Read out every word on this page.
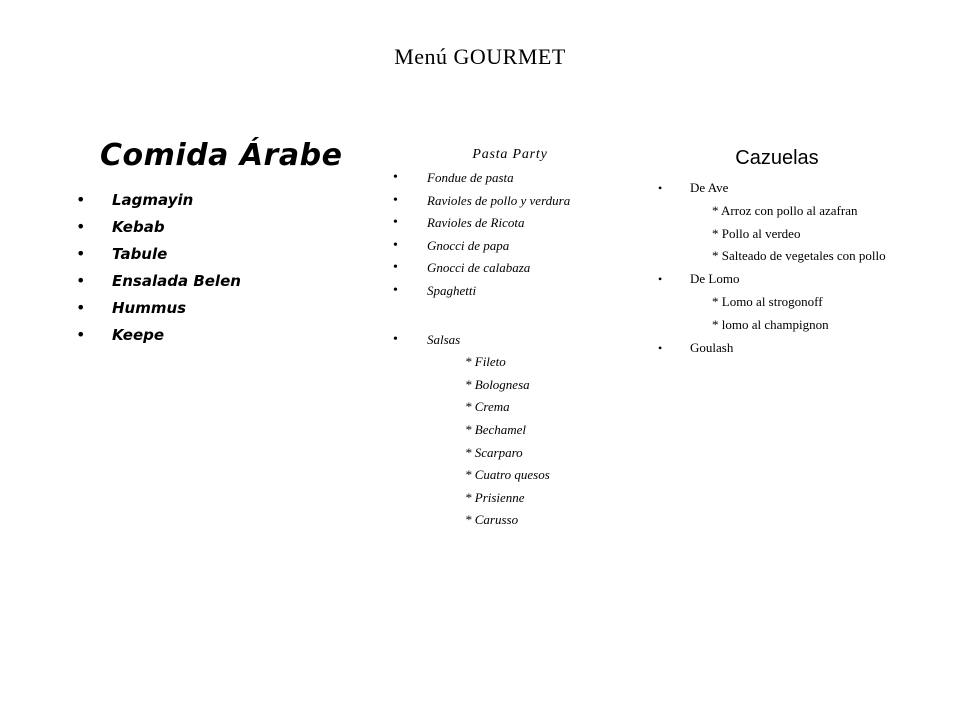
Menú GOURMET
Comida Árabe
• Lagmayin
• Kebab
• Tabule
• Ensalada Belen
• Hummus
• Keepe
Pasta Party
• Fondue de pasta
• Ravioles de pollo y verdura
• Ravioles de Ricota
• Gnocci de papa
• Gnocci de calabaza
• Spaghetti
• Salsas
* Fileto
* Bolognesa
* Crema
* Bechamel
* Scarparo
* Cuatro quesos
* Prisienne
* Carusso
Cazuelas
• De Ave
* Arroz con pollo al azafran
* Pollo al verdeo
* Salteado de vegetales con pollo
• De Lomo
* Lomo al strogonoff
* lomo al champignon
• Goulash
